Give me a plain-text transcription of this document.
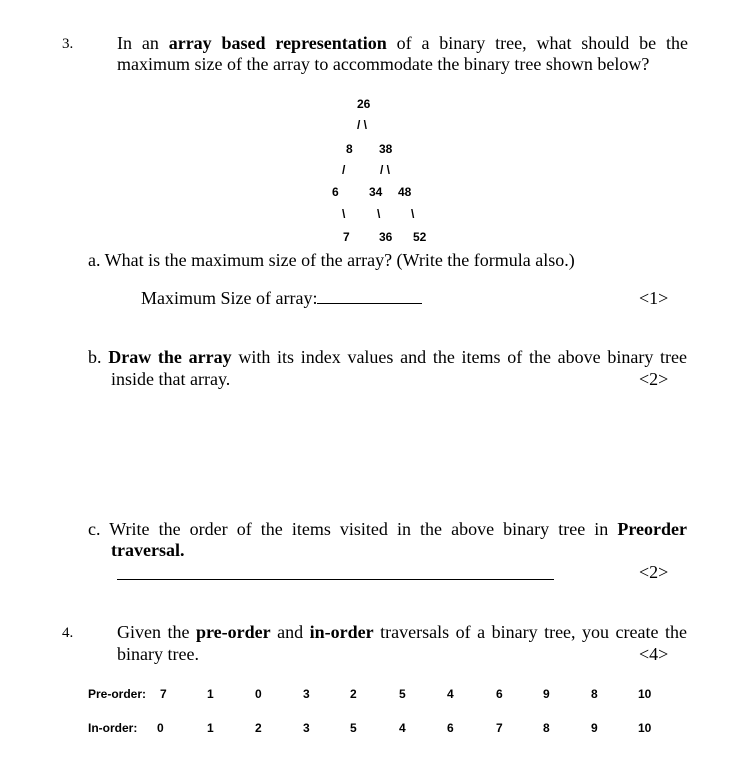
3. In an array based representation of a binary tree, what should be the
maximum size of the array to accommodate the binary tree shown below?
26
/ \
8 38
/	/ \
6	34 48
\	\	\
7 36 52
a. What is the maximum size of the array? (Write the formula also.)
Maximum Size of array:	<1>
b. Draw the array with its index values and the items of the above binary tree
inside that array.	<2>
c. Write the order of the items visited in the above binary tree in Preorder
traversal.
<2>
4. Given the pre-order and in-order traversals of a binary tree, you create the
binary tree.	<4>
Pre-order: 7	1	0	3	2	5	4	6	9	8	10
In-order: 0	1	2	3	5	4	6	7	8	9	10
